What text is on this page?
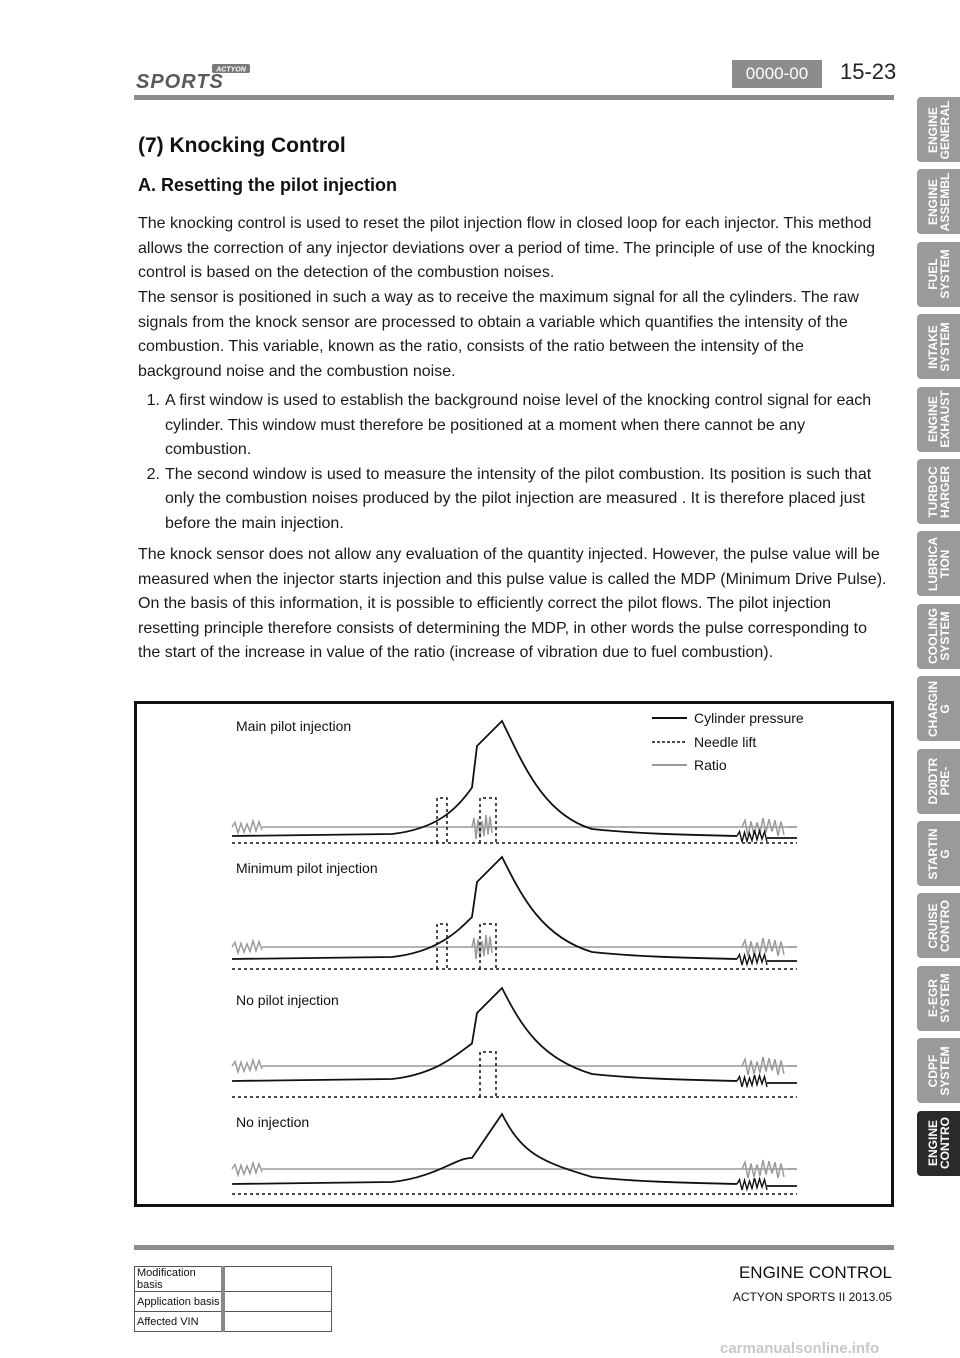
ACTYON
SPORTS	0000-00	15-23
(7) Knocking Control
A. Resetting the pilot injection

The knocking control is used to reset the pilot injection flow in closed loop for each injector. This method allows the correction of any injector deviations over a period of time. The principle of use of the knocking control is based on the detection of the combustion noises.

The sensor is positioned in such a way as to receive the maximum signal for all the cylinders. The raw signals from the knock sensor are processed to obtain a variable which quantifies the intensity of the combustion. This variable, known as the ratio, consists of the ratio between the intensity of the background noise and the combustion noise.

1. A first window is used to establish the background noise level of the knocking control signal for each cylinder. This window must therefore be positioned at a moment when there cannot be any combustion.
2. The second window is used to measure the intensity of the pilot combustion. Its position is such that only the combustion noises produced by the pilot injection are measured . It is therefore placed just before the main injection.

The knock sensor does not allow any evaluation of the quantity injected. However, the pulse value will be measured when the injector starts injection and this pulse value is called the MDP (Minimum Drive Pulse). On the basis of this information, it is possible to efficiently correct the pilot flows. The pilot injection resetting principle therefore consists of determining the MDP, in other words the pulse corresponding to the start of the increase in value of the ratio (increase of vibration due to fuel combustion).

Cylinder pressure
Needle lift
Ratio
Main pilot injection
Minimum pilot injection
No pilot injection
No injection
ENGINE
GENERAL
ENGINE
ASSEMBL
FUEL
SYSTEM
INTAKE
SYSTEM
ENGINE
EXHAUST
TURBOC
HARGER
LUBRICA
TION
COOLING
SYSTEM
CHARGIN
G
D20DTR
PRE-
STARTIN
G
CRUISE
CONTRO
E-EGR
SYSTEM
CDPF
SYSTEM
ENGINE
CONTRO
Modification basis	
Application basis	
Affected VIN	
ENGINE CONTROL
ACTYON SPORTS II 2013.05
carmanualsonline.info
